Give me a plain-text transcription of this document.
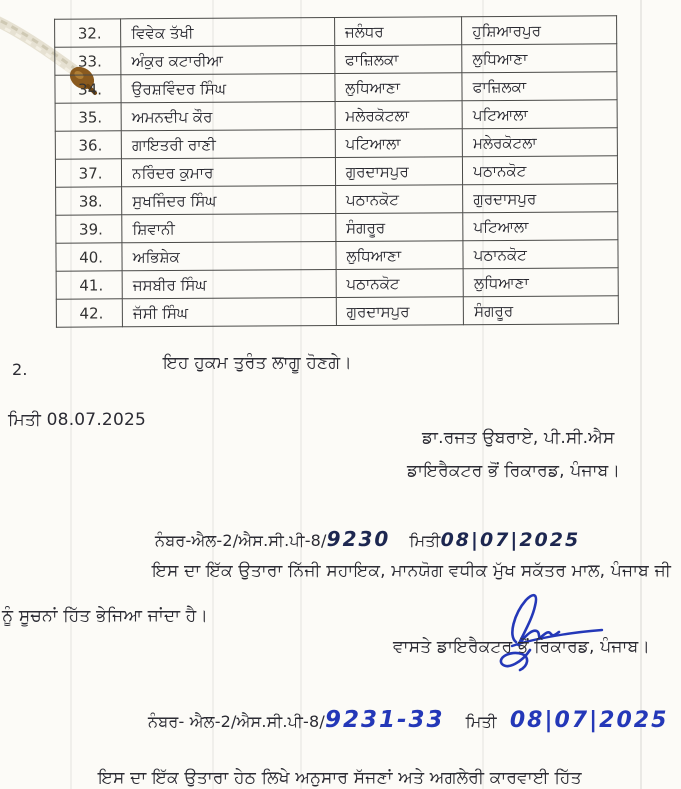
32.	ਵਿਵੇਕ ਤੱਖੀ	ਜਲੰਧਰ	ਹੁਸ਼ਿਆਰਪੁਰ
33.	ਅੰਕੁਰ ਕਟਾਰੀਆ	ਫਾਜ਼ਿਲਕਾ	ਲੁਧਿਆਣਾ
34.	ਉਰਸ਼ਵਿੰਦਰ ਸਿੰਘ	ਲੁਧਿਆਣਾ	ਫਾਜ਼ਿਲਕਾ
35.	ਅਮਨਦੀਪ ਕੌਰ	ਮਲੇਰਕੋਟਲਾ	ਪਟਿਆਲਾ
36.	ਗਾਇਤਰੀ ਰਾਣੀ	ਪਟਿਆਲਾ	ਮਲੇਰਕੋਟਲਾ
37.	ਨਰਿੰਦਰ ਕੁਮਾਰ	ਗੁਰਦਾਸਪੁਰ	ਪਠਾਨਕੋਟ
38.	ਸੁਖਜਿੰਦਰ ਸਿੰਘ	ਪਠਾਨਕੋਟ	ਗੁਰਦਾਸਪੁਰ
39.	ਸ਼ਿਵਾਨੀ	ਸੰਗਰੂਰ	ਪਟਿਆਲਾ
40.	ਅਭਿਸ਼ੇਕ	ਲੁਧਿਆਣਾ	ਪਠਾਨਕੋਟ
41.	ਜਸਬੀਰ ਸਿੰਘ	ਪਠਾਨਕੋਟ	ਲੁਧਿਆਣਾ
42.	ਜੱਸੀ ਸਿੰਘ	ਗੁਰਦਾਸਪੁਰ	ਸੰਗਰੂਰ
2.	ਇਹ ਹੁਕਮ ਤੁਰੰਤ ਲਾਗੂ ਹੋਣਗੇ।
ਮਿਤੀ 08.07.2025
ਡਾ.ਰਜਤ ਉਬਰਾਏ, ਪੀ.ਸੀ.ਐਸ
ਡਾਇਰੈਕਟਰ ਭੋਂ ਰਿਕਾਰਡ, ਪੰਜਾਬ।
ਨੰਬਰ-ਐਲ-2/ਐਸ.ਸੀ.ਪੀ-8/9230 ਮਿਤੀ08|07|2025
ਇਸ ਦਾ ਇੱਕ ਉਤਾਰਾ ਨਿੱਜੀ ਸਹਾਇਕ, ਮਾਨਯੋਗ ਵਧੀਕ ਮੁੱਖ ਸਕੱਤਰ ਮਾਲ, ਪੰਜਾਬ ਜੀ
ਨੂੰ ਸੂਚਨਾਂ ਹਿੱਤ ਭੇਜਿਆ ਜਾਂਦਾ ਹੈ।
ਵਾਸਤੇ ਡਾਇਰੈਕਟਰ ਭੋਂ ਰਿਕਾਰਡ, ਪੰਜਾਬ।
ਨੰਬਰ- ਐਲ-2/ਐਸ.ਸੀ.ਪੀ-8/9231-33 ਮਿਤੀ 08|07|2025
ਇਸ ਦਾ ਇੱਕ ਉਤਾਰਾ ਹੇਠ ਲਿਖੇ ਅਨੁਸਾਰ ਸੱਜਣਾਂ ਅਤੇ ਅਗਲੇਰੀ ਕਾਰਵਾਈ ਹਿੱਤ
